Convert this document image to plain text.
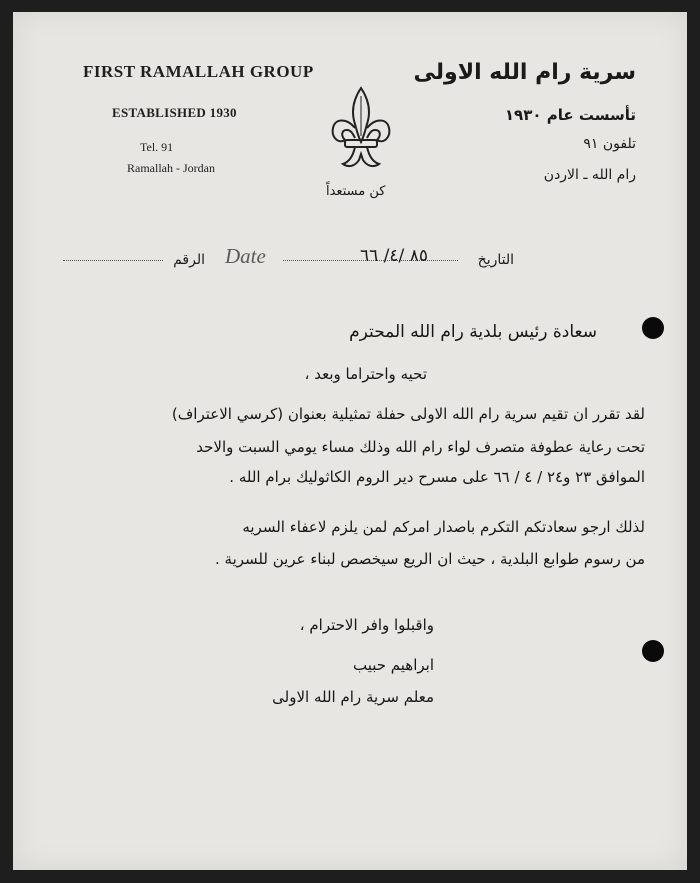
FIRST RAMALLAH GROUP
ESTABLISHED 1930
Tel. 91
Ramallah - Jordan
سرية رام الله الاولى
تأسست عام ١٩٣٠
تلفون ٩١
رام الله ـ الاردن
كن مستعداً
الرقم Date	٨٥ /٤/ ٦٦	التاريخ
سعادة رئيس بلدية رام الله المحترم
تحيه واحتراما وبعد ،
لقد تقرر ان تقيم سرية رام الله الاولى حفلة تمثيلية بعنوان (كرسي الاعتراف)
تحت رعاية عطوفة متصرف لواء رام الله وذلك مساء يومي السبت والاحد
الموافق ٢٣ و٢٤ / ٤ / ٦٦ على مسرح دير الروم الكاثوليك برام الله .
لذلك ارجو سعادتكم التكرم باصدار امركم لمن يلزم لاعفاء السريه
من رسوم طوابع البلدية ، حيث ان الريع سيخصص لبناء عرين للسرية .
واقبلوا وافر الاحترام ،
ابراهيم حبيب
معلم سرية رام الله الاولى
